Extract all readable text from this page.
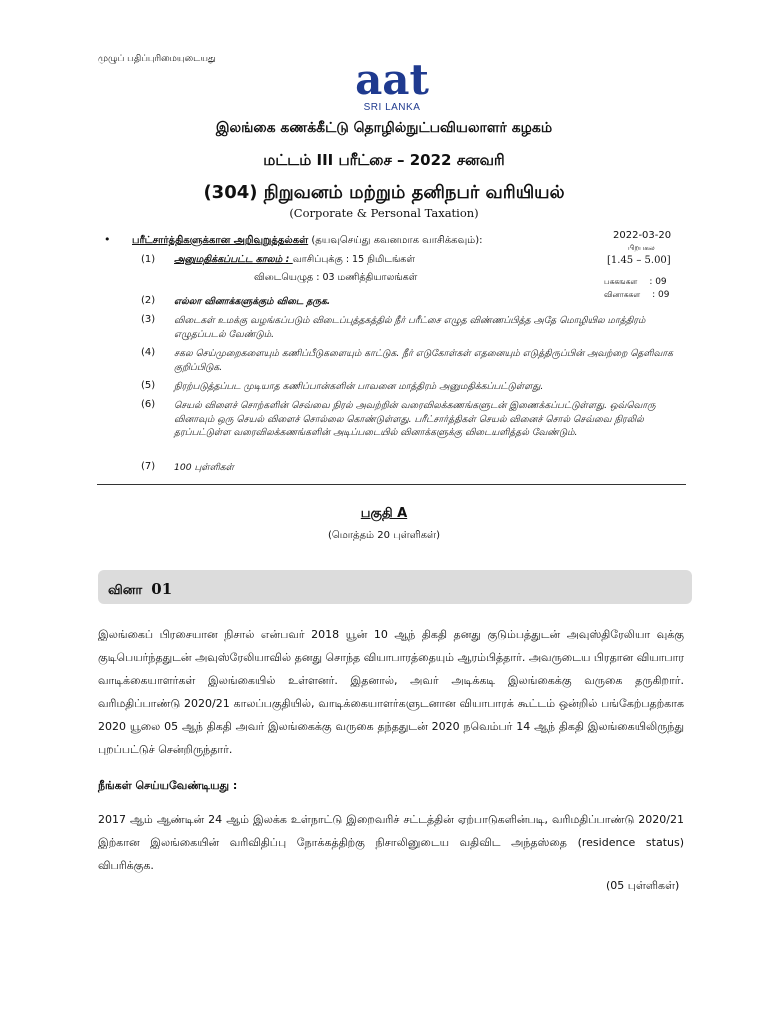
முழுப் பதிப்புரிமையுடையது	aat
SRI LANKA
இலங்கை கணக்கீட்டு தொழில்நுட்பவியலாளர் கழகம்
மட்டம் III பரீட்சை – 2022 சனவரி
(304) நிறுவனம் மற்றும் தனிநபர் வரியியல்
(Corporate & Personal Taxation)
• பரீட்சார்த்திகளுக்கான அறிவுறுத்தல்கள் (தயவுசெய்து கவனமாக வாசிக்கவும்):	2022-03-20
பிறபகல
[1.45 – 5.00]
பககஙகள : 09
வினாககள : 09
(1) அனுமதிக்கப்பட்ட காலம் : வாசிப்புக்கு : 15 நிமிடங்கள்
விடையெழுத : 03 மணித்தியாலங்கள்
(2) எல்லா வினாக்களுக்கும் விடை தருக.
(3) விடைகள் உமக்கு வழங்கப்படும் விடைப்புத்தகத்தில் நீர் பரீட்சை எழுத விண்ணப்பித்த அதே மொழியில மாத்திரம் எழுதப்படல் வேண்டும்.
(4) சகல செய்முறைகளையும் கணிப்பீடுகளையும் காட்டுக. நீர் எடுகோள்கள் எதனையும் எடுத்திருப்பின் அவற்றை தெளிவாக குறிப்பிடுக.
(5) நிரற்படுத்தப்பட முடியாத கணிப்பான்களின் பாவனை மாத்திரம் அனுமதிக்கப்பட்டுள்ளது.
(6) செயல் விளைச் சொற்களின் செவ்வை நிரல் அவற்றின் வரைவிலக்கணங்களுடன் இணைக்கப்பட்டுள்ளது. ஒவ்வொரு வினாவும் ஒரு செயல் விளைச் சொல்லை கொண்டுள்ளது. பரீட்சார்த்திகள் செயல் வினைச் சொல் செவ்வை நிரலில் தரப்பட்டுள்ள வரைவிலக்கணங்களின் அடிப்படையில் வினாக்களுக்கு விடையளித்தல் வேண்டும்.
(7) 100 புள்ளிகள்
பகுதி A
(மொத்தம் 20 புள்ளிகள்)
வினா 01
இலங்கைப் பிரசையான நிசால் என்பவர் 2018 யூன் 10 ஆந் திகதி தனது குடும்பத்துடன் அவுஸ்திரேலியா வுக்கு குடிபெயர்ந்ததுடன் அவுஸ்ரேலியாவில் தனது சொந்த வியாபாரத்தையும் ஆரம்பித்தார். அவருடைய பிரதான வியாபார வாடிக்கையாளர்கள் இலங்கையில் உள்ளனர். இதனால், அவர் அடிக்கடி இலங்கைக்கு வருகை தருகிறார். வரிமதிப்பாண்டு 2020/21 காலப்பகுதியில், வாடிக்கையாளர்களுடனான வியாபாரக் கூட்டம் ஒன்றில் பங்கேற்பதற்காக 2020 யூலை 05 ஆந் திகதி அவர் இலங்கைக்கு வருகை தந்ததுடன் 2020 நவெம்பர் 14 ஆந் திகதி இலங்கையிலிருந்து புறப்பட்டுச் சென்றிருந்தார்.
நீங்கள் செய்யவேண்டியது :
2017 ஆம் ஆண்டின் 24 ஆம் இலக்க உள்நாட்டு இறைவரிச் சட்டத்தின் ஏற்பாடுகளின்படி, வரிமதிப்பாண்டு 2020/21 இற்கான இலங்கையின் வரிவிதிப்பு நோக்கத்திற்கு நிசாலினுடைய வதிவிட அந்தஸ்தை (residence status) விபரிக்குக.
(05 புள்ளிகள்)
